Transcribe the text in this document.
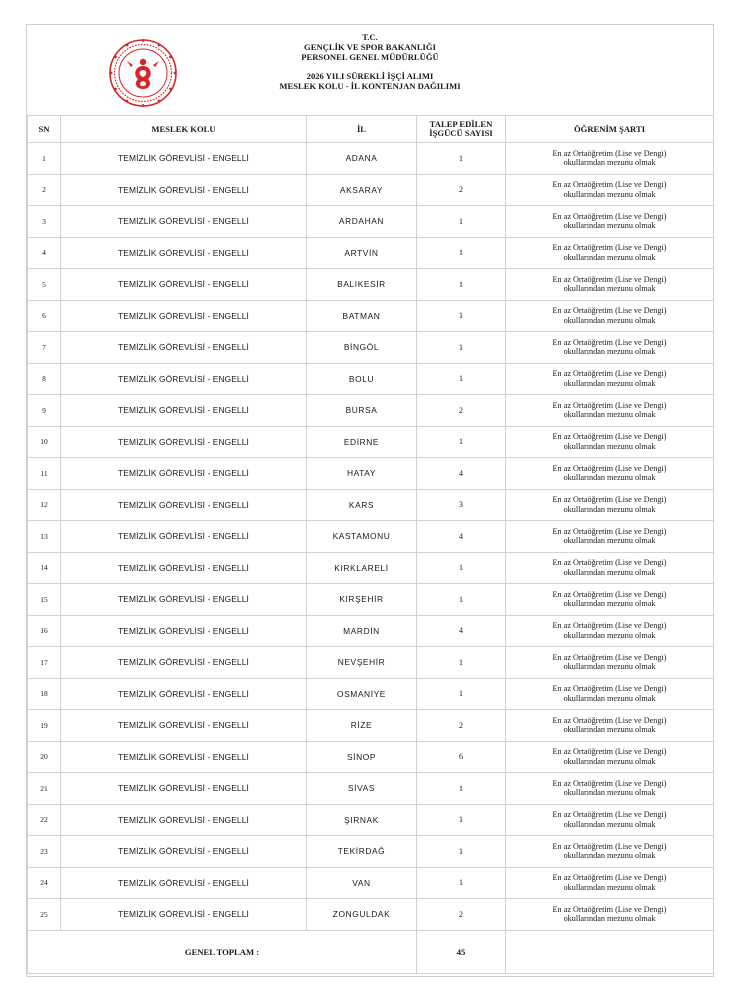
T.C.
GENÇLİK VE SPOR BAKANLIĞI
PERSONEL GENEL MÜDÜRLÜĞÜ
2026 YILI SÜREKLİ İŞÇİ ALIMI
MESLEK KOLU - İL KONTENJAN DAĞILIMI
SN	MESLEK KOLU	İL	TALEP EDİLEN
İŞGÜCÜ SAYISI	ÖĞRENİM ŞARTI
1	TEMİZLİK GÖREVLİSİ - ENGELLİ	ADANA	1	En az Ortaöğretim (Lise ve Dengi)
okullarından mezunu olmak

2	TEMİZLİK GÖREVLİSİ - ENGELLİ	AKSARAY	2	En az Ortaöğretim (Lise ve Dengi)
okullarından mezunu olmak

3	TEMİZLİK GÖREVLİSİ - ENGELLİ	ARDAHAN	1	En az Ortaöğretim (Lise ve Dengi)
okullarından mezunu olmak

4	TEMİZLİK GÖREVLİSİ - ENGELLİ	ARTVİN	1	En az Ortaöğretim (Lise ve Dengi)
okullarından mezunu olmak

5	TEMİZLİK GÖREVLİSİ - ENGELLİ	BALIKESİR	1	En az Ortaöğretim (Lise ve Dengi)
okullarından mezunu olmak

6	TEMİZLİK GÖREVLİSİ - ENGELLİ	BATMAN	1	En az Ortaöğretim (Lise ve Dengi)
okullarından mezunu olmak

7	TEMİZLİK GÖREVLİSİ - ENGELLİ	BİNGÖL	1	En az Ortaöğretim (Lise ve Dengi)
okullarından mezunu olmak

8	TEMİZLİK GÖREVLİSİ - ENGELLİ	BOLU	1	En az Ortaöğretim (Lise ve Dengi)
okullarından mezunu olmak

9	TEMİZLİK GÖREVLİSİ - ENGELLİ	BURSA	2	En az Ortaöğretim (Lise ve Dengi)
okullarından mezunu olmak

10	TEMİZLİK GÖREVLİSİ - ENGELLİ	EDİRNE	1	En az Ortaöğretim (Lise ve Dengi)
okullarından mezunu olmak

11	TEMİZLİK GÖREVLİSİ - ENGELLİ	HATAY	4	En az Ortaöğretim (Lise ve Dengi)
okullarından mezunu olmak

12	TEMİZLİK GÖREVLİSİ - ENGELLİ	KARS	3	En az Ortaöğretim (Lise ve Dengi)
okullarından mezunu olmak

13	TEMİZLİK GÖREVLİSİ - ENGELLİ	KASTAMONU	4	En az Ortaöğretim (Lise ve Dengi)
okullarından mezunu olmak

14	TEMİZLİK GÖREVLİSİ - ENGELLİ	KIRKLARELİ	1	En az Ortaöğretim (Lise ve Dengi)
okullarından mezunu olmak

15	TEMİZLİK GÖREVLİSİ - ENGELLİ	KIRŞEHİR	1	En az Ortaöğretim (Lise ve Dengi)
okullarından mezunu olmak

16	TEMİZLİK GÖREVLİSİ - ENGELLİ	MARDİN	4	En az Ortaöğretim (Lise ve Dengi)
okullarından mezunu olmak

17	TEMİZLİK GÖREVLİSİ - ENGELLİ	NEVŞEHİR	1	En az Ortaöğretim (Lise ve Dengi)
okullarından mezunu olmak

18	TEMİZLİK GÖREVLİSİ - ENGELLİ	OSMANİYE	1	En az Ortaöğretim (Lise ve Dengi)
okullarından mezunu olmak

19	TEMİZLİK GÖREVLİSİ - ENGELLİ	RİZE	2	En az Ortaöğretim (Lise ve Dengi)
okullarından mezunu olmak

20	TEMİZLİK GÖREVLİSİ - ENGELLİ	SİNOP	6	En az Ortaöğretim (Lise ve Dengi)
okullarından mezunu olmak

21	TEMİZLİK GÖREVLİSİ - ENGELLİ	SİVAS	1	En az Ortaöğretim (Lise ve Dengi)
okullarından mezunu olmak

22	TEMİZLİK GÖREVLİSİ - ENGELLİ	ŞIRNAK	1	En az Ortaöğretim (Lise ve Dengi)
okullarından mezunu olmak

23	TEMİZLİK GÖREVLİSİ - ENGELLİ	TEKİRDAĞ	1	En az Ortaöğretim (Lise ve Dengi)
okullarından mezunu olmak

24	TEMİZLİK GÖREVLİSİ - ENGELLİ	VAN	1	En az Ortaöğretim (Lise ve Dengi)
okullarından mezunu olmak

25	TEMİZLİK GÖREVLİSİ - ENGELLİ	ZONGULDAK	2	En az Ortaöğretim (Lise ve Dengi)
okullarından mezunu olmak

GENEL TOPLAM :			45	
